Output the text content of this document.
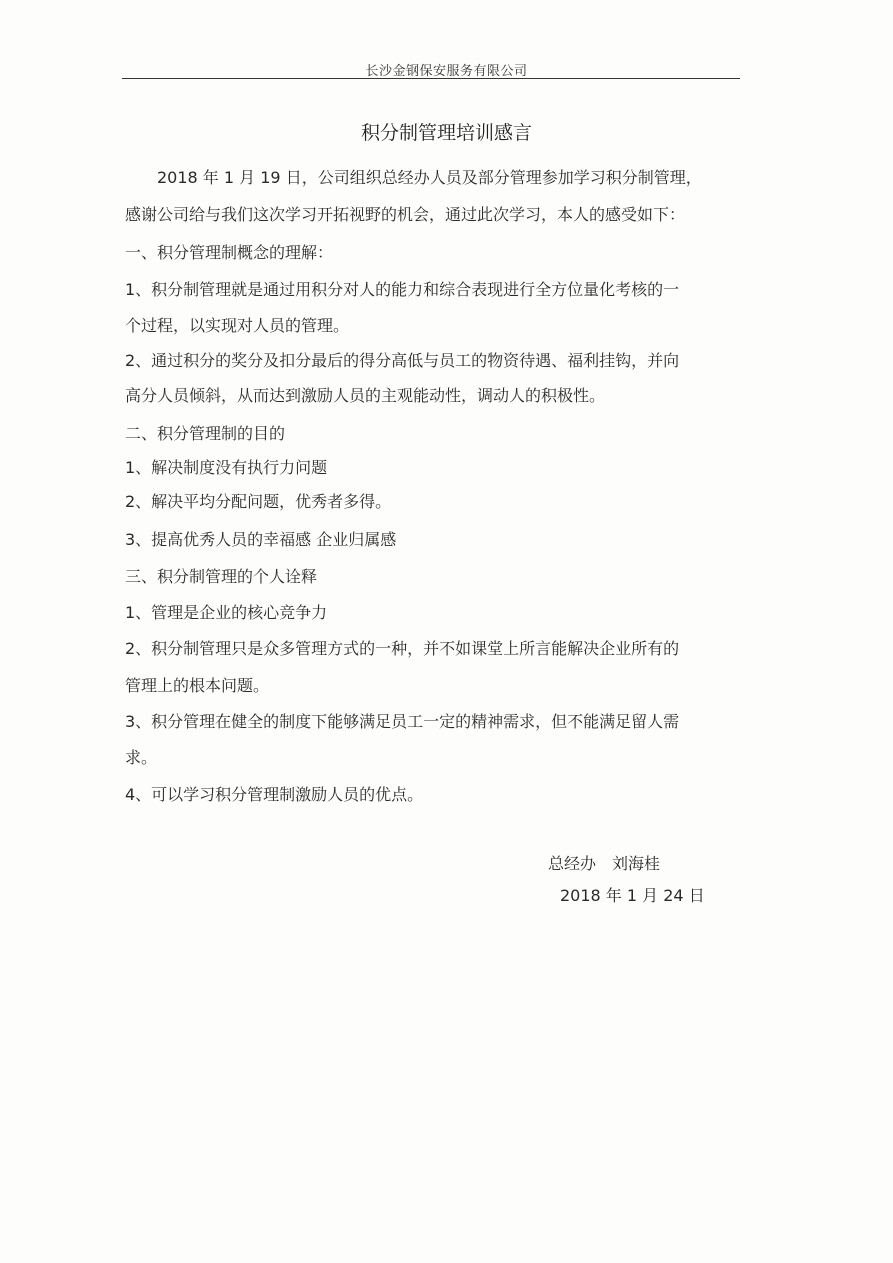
长沙金钢保安服务有限公司
积分制管理培训感言
　　2018 年 1 月 19 日，公司组织总经办人员及部分管理参加学习积分制管理，
感谢公司给与我们这次学习开拓视野的机会，通过此次学习，本人的感受如下：
一、积分管理制概念的理解：
1、积分制管理就是通过用积分对人的能力和综合表现进行全方位量化考核的一
个过程，以实现对人员的管理。
2、通过积分的奖分及扣分最后的得分高低与员工的物资待遇、福利挂钩，并向
高分人员倾斜，从而达到激励人员的主观能动性，调动人的积极性。
二、积分管理制的目的
1、解决制度没有执行力问题
2、解决平均分配问题，优秀者多得。
3、提高优秀人员的幸福感 企业归属感
三、积分制管理的个人诠释
1、管理是企业的核心竞争力
2、积分制管理只是众多管理方式的一种，并不如课堂上所言能解决企业所有的
管理上的根本问题。
3、积分管理在健全的制度下能够满足员工一定的精神需求，但不能满足留人需
求。
4、可以学习积分管理制激励人员的优点。
总经办　刘海桂
2018 年 1 月 24 日
